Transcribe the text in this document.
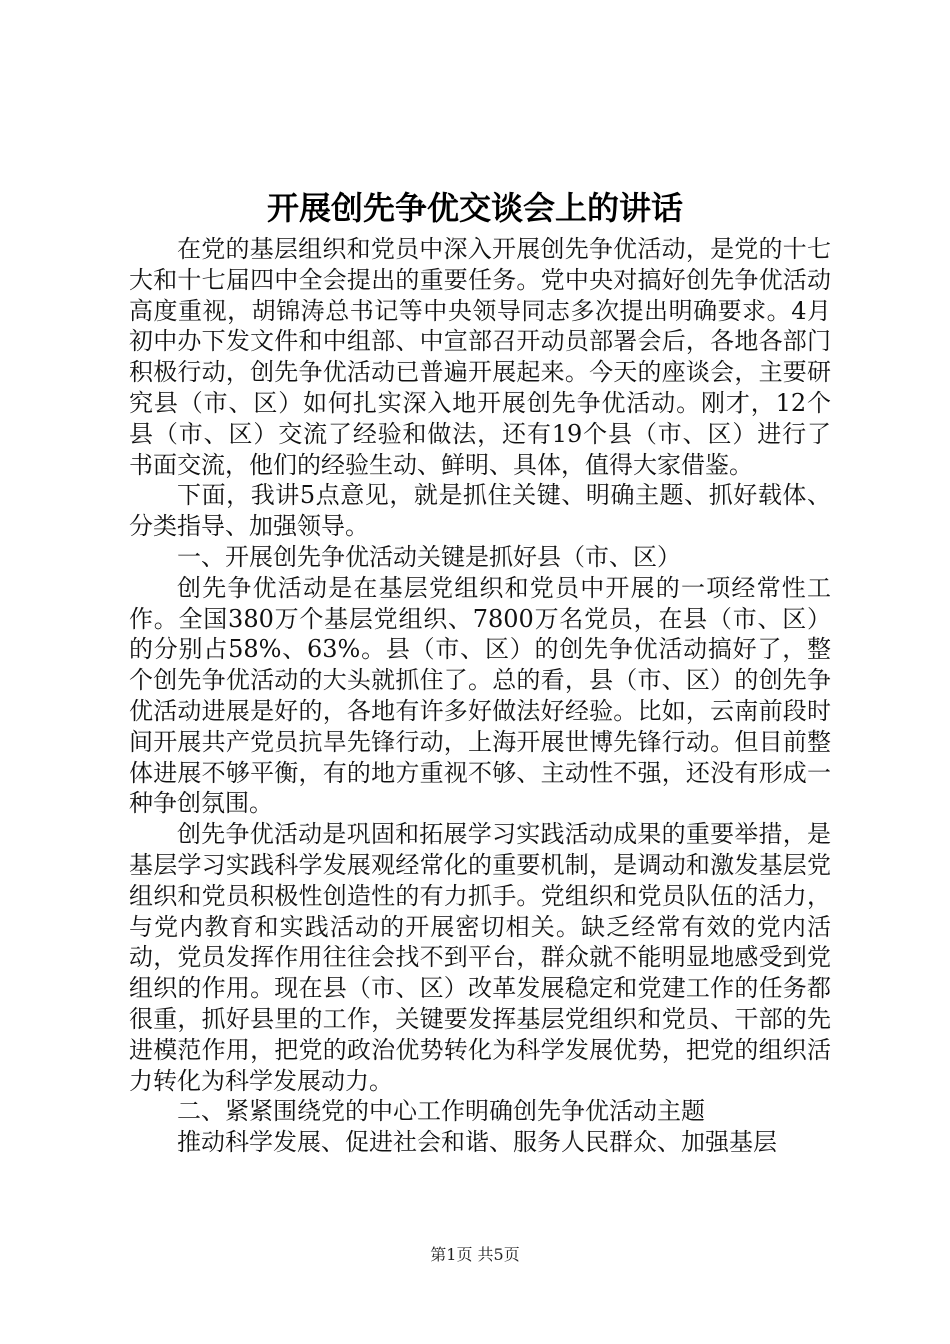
开展创先争优交谈会上的讲话

在党的基层组织和党员中深入开展创先争优活动，是党的十七大和十七届四中全会提出的重要任务。党中央对搞好创先争优活动高度重视，胡锦涛总书记等中央领导同志多次提出明确要求。4月初中办下发文件和中组部、中宣部召开动员部署会后，各地各部门积极行动，创先争优活动已普遍开展起来。今天的座谈会，主要研究县（市、区）如何扎实深入地开展创先争优活动。刚才，12个县（市、区）交流了经验和做法，还有19个县（市、区）进行了书面交流，他们的经验生动、鲜明、具体，值得大家借鉴。

下面，我讲5点意见，就是抓住关键、明确主题、抓好载体、分类指导、加强领导。

一、开展创先争优活动关键是抓好县（市、区）

创先争优活动是在基层党组织和党员中开展的一项经常性工作。全国380万个基层党组织、7800万名党员，在县（市、区）的分别占58%、63%。县（市、区）的创先争优活动搞好了，整个创先争优活动的大头就抓住了。总的看，县（市、区）的创先争优活动进展是好的，各地有许多好做法好经验。比如，云南前段时间开展共产党员抗旱先锋行动，上海开展世博先锋行动。但目前整体进展不够平衡，有的地方重视不够、主动性不强，还没有形成一种争创氛围。

创先争优活动是巩固和拓展学习实践活动成果的重要举措，是基层学习实践科学发展观经常化的重要机制，是调动和激发基层党组织和党员积极性创造性的有力抓手。党组织和党员队伍的活力，与党内教育和实践活动的开展密切相关。缺乏经常有效的党内活动，党员发挥作用往往会找不到平台，群众就不能明显地感受到党组织的作用。现在县（市、区）改革发展稳定和党建工作的任务都很重，抓好县里的工作，关键要发挥基层党组织和党员、干部的先进模范作用，把党的政治优势转化为科学发展优势，把党的组织活力转化为科学发展动力。

二、紧紧围绕党的中心工作明确创先争优活动主题

推动科学发展、促进社会和谐、服务人民群众、加强基层

第1页 共5页
